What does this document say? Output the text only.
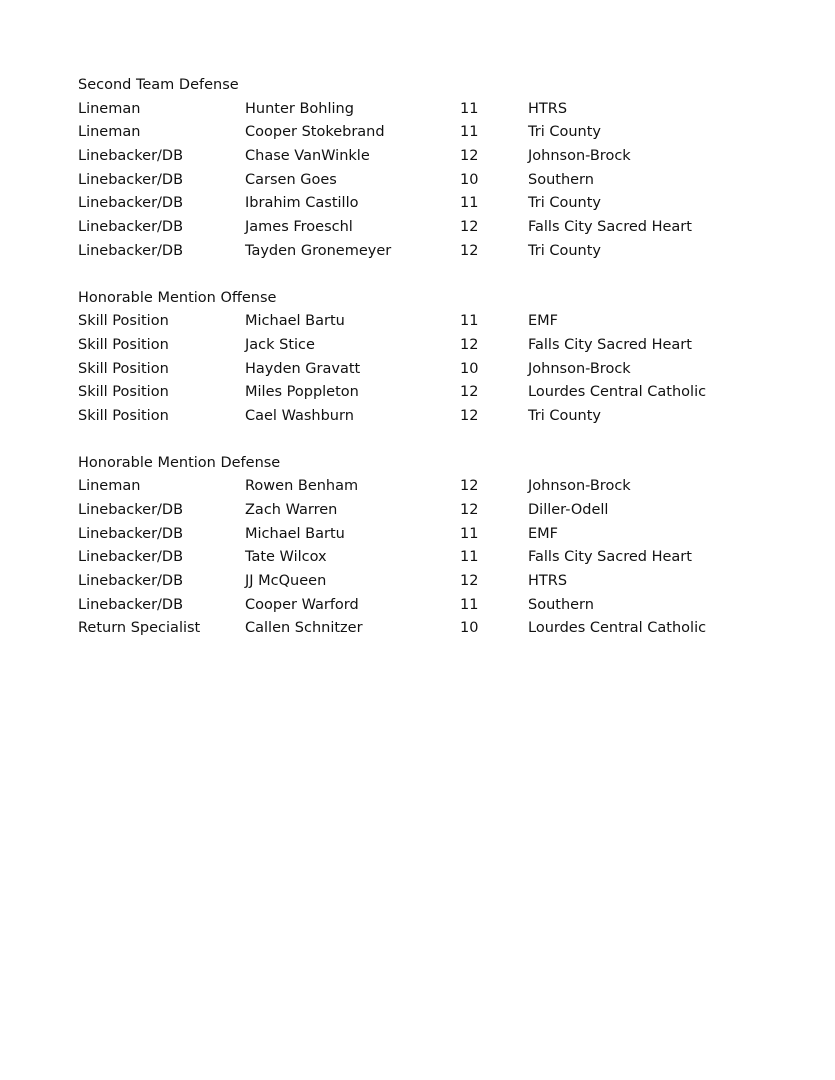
Second Team Defense
Lineman	Hunter Bohling	11	HTRS
Lineman	Cooper Stokebrand	11	Tri County
Linebacker/DB	Chase VanWinkle	12	Johnson-Brock
Linebacker/DB	Carsen Goes	10	Southern
Linebacker/DB	Ibrahim Castillo	11	Tri County
Linebacker/DB	James Froeschl	12	Falls City Sacred Heart
Linebacker/DB	Tayden Gronemeyer	12	Tri County
Honorable Mention Offense
Skill Position	Michael Bartu	11	EMF
Skill Position	Jack Stice	12	Falls City Sacred Heart
Skill Position	Hayden Gravatt	10	Johnson-Brock
Skill Position	Miles Poppleton	12	Lourdes Central Catholic
Skill Position	Cael Washburn	12	Tri County
Honorable Mention Defense
Lineman	Rowen Benham	12	Johnson-Brock
Linebacker/DB	Zach Warren	12	Diller-Odell
Linebacker/DB	Michael Bartu	11	EMF
Linebacker/DB	Tate Wilcox	11	Falls City Sacred Heart
Linebacker/DB	JJ McQueen	12	HTRS
Linebacker/DB	Cooper Warford	11	Southern
Return Specialist	Callen Schnitzer	10	Lourdes Central Catholic
